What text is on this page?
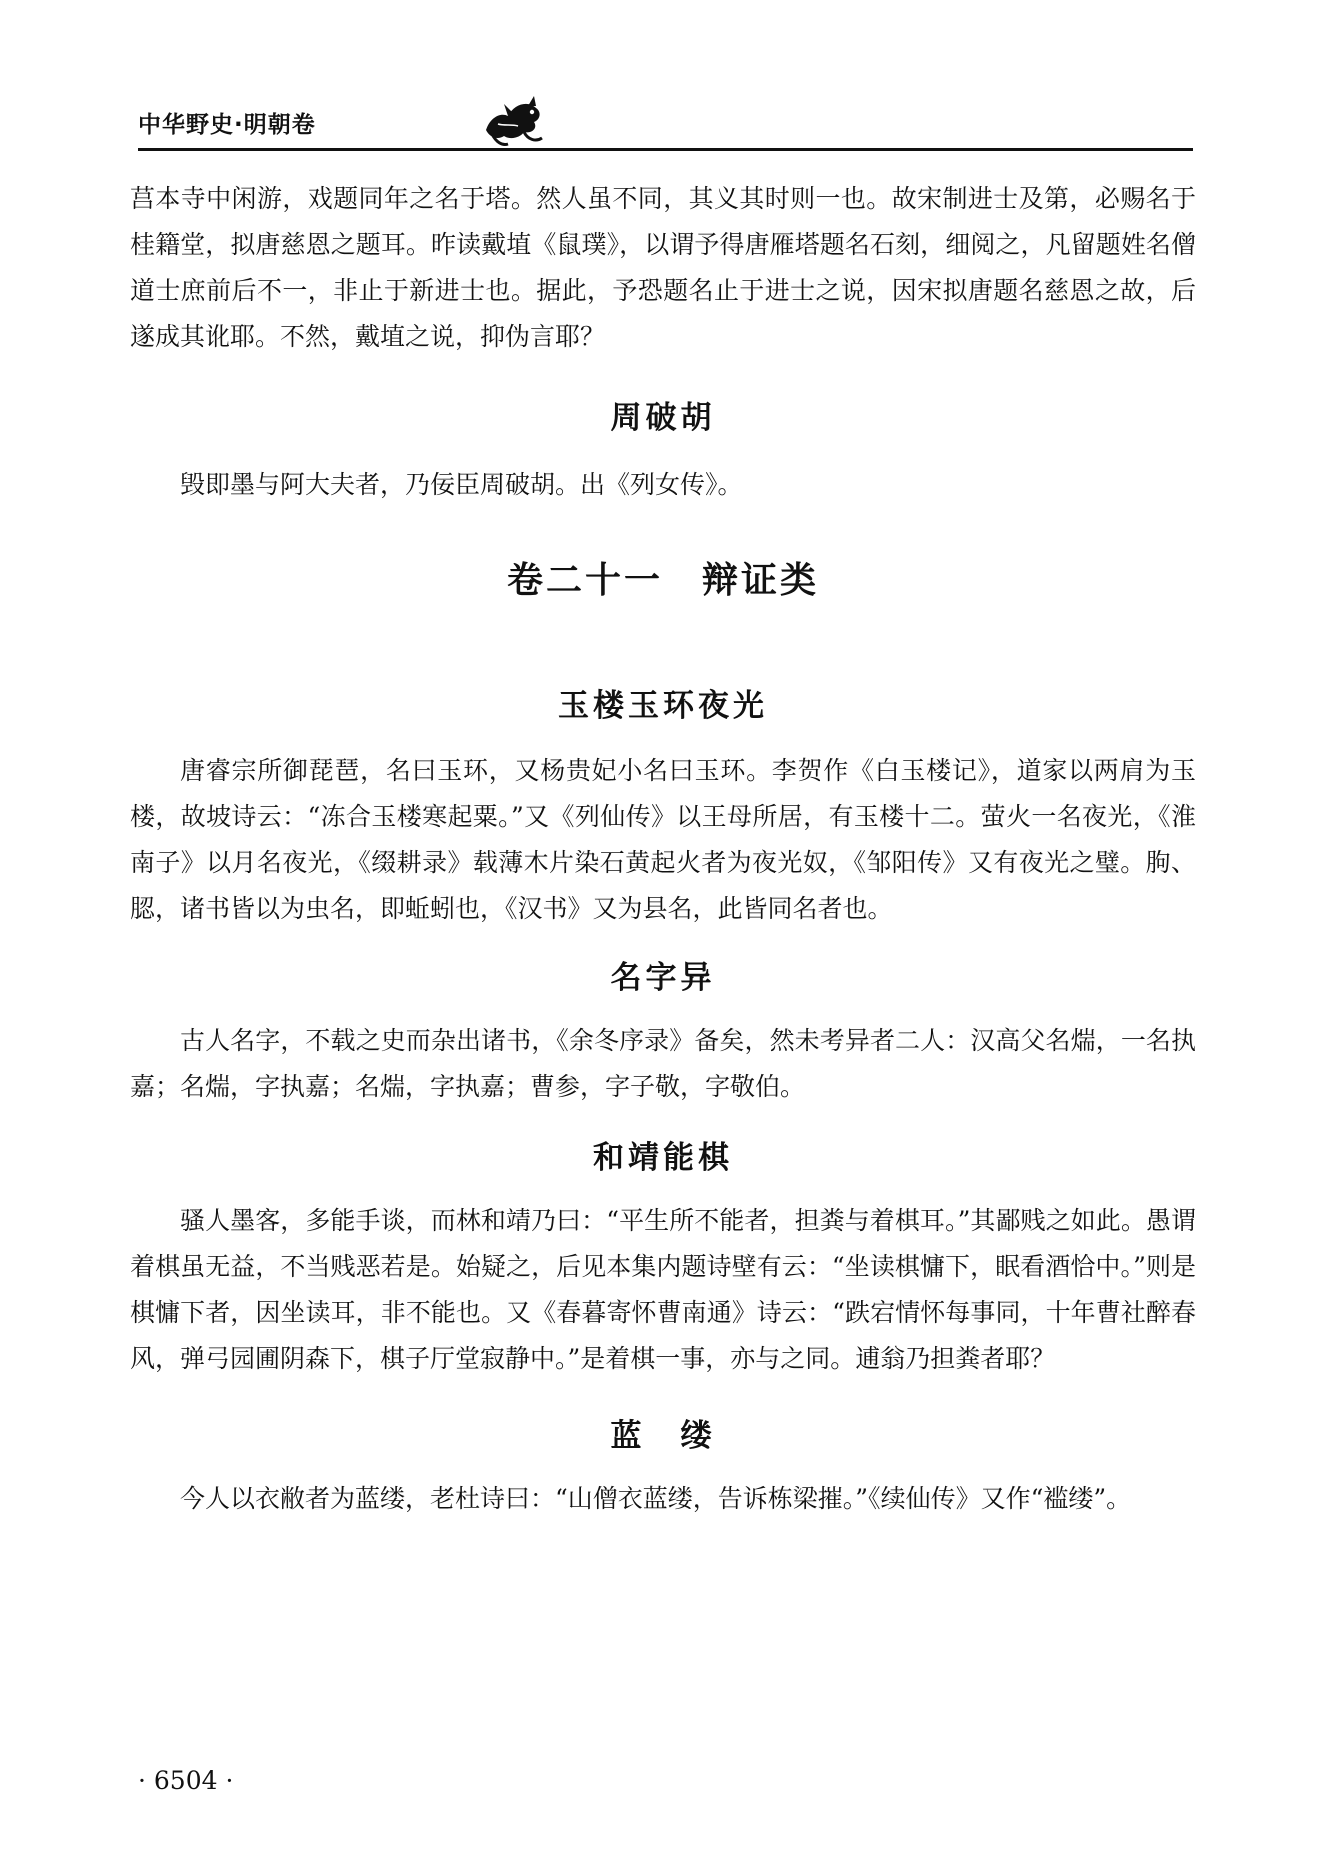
中华野史·明朝卷

莒本寺中闲游，戏题同年之名于塔。然人虽不同，其义其时则一也。故宋制进士及第，必赐名于桂籍堂，拟唐慈恩之题耳。昨读戴埴《鼠璞》，以谓予得唐雁塔题名石刻，细阅之，凡留题姓名僧道士庶前后不一，非止于新进士也。据此，予恐题名止于进士之说，因宋拟唐题名慈恩之故，后遂成其讹耶。不然，戴埴之说，抑伪言耶？

周破胡

毁即墨与阿大夫者，乃佞臣周破胡。出《列女传》。

卷二十一　辩证类
玉楼玉环夜光

唐睿宗所御琵琶，名曰玉环，又杨贵妃小名曰玉环。李贺作《白玉楼记》，道家以两肩为玉楼，故坡诗云：“冻合玉楼寒起粟。”又《列仙传》以王母所居，有玉楼十二。萤火一名夜光，《淮南子》以月名夜光，《缀耕录》载薄木片染石黄起火者为夜光奴，《邹阳传》又有夜光之璧。朐、䏰，诸书皆以为虫名，即蚯蚓也，《汉书》又为县名，此皆同名者也。

名字异

古人名字，不载之史而杂出诸书，《余冬序录》备矣，然未考异者二人：汉高父名煓，一名执嘉；名煓，字执嘉；名煓，字执嘉；曹参，字子敬，字敬伯。

和靖能棋

骚人墨客，多能手谈，而林和靖乃曰：“平生所不能者，担粪与着棋耳。”其鄙贱之如此。愚谓着棋虽无益，不当贱恶若是。始疑之，后见本集内题诗壁有云：“坐读棋慵下，眠看酒恰中。”则是棋慵下者，因坐读耳，非不能也。又《春暮寄怀曹南通》诗云：“跌宕情怀每事同，十年曹社醉春风，弹弓园圃阴森下，棋子厅堂寂静中。”是着棋一事，亦与之同。逋翁乃担粪者耶？

蓝　缕

今人以衣敝者为蓝缕，老杜诗曰：“山僧衣蓝缕，告诉栋梁摧。”《续仙传》又作“褴缕”。

· 6504 ·
